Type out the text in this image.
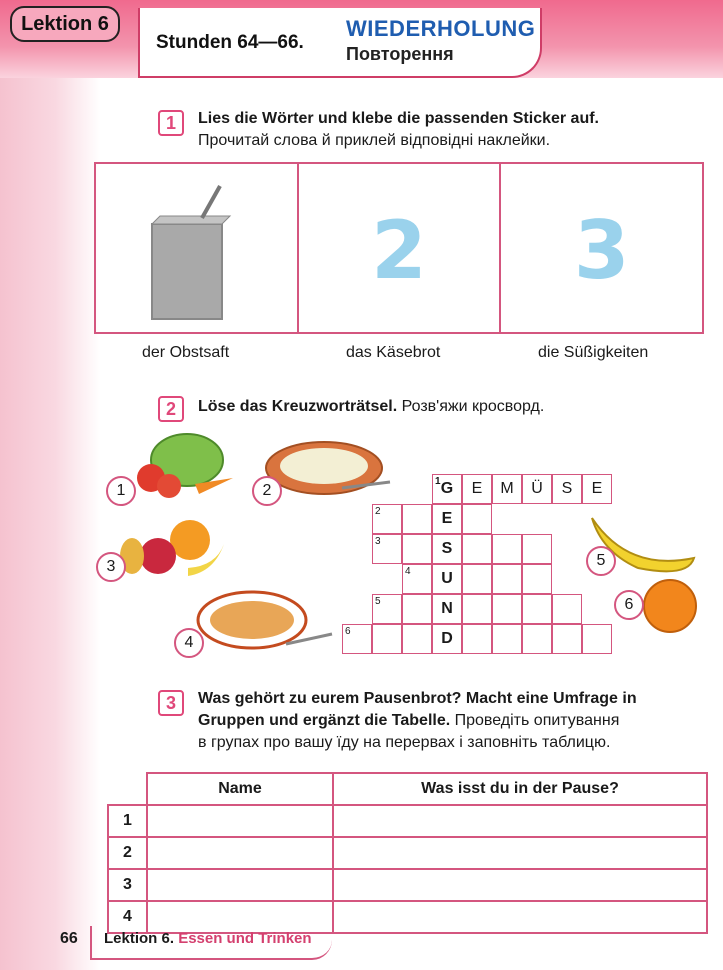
Lektion 6
Stunden 64—66.
WIEDERHOLUNG
Повторення
1	Lies die Wörter und klebe die passenden Sticker auf.
Прочитай слова й приклей відповідні наклейки.
2	3
der Obstsaft	das Käsebrot	die Süßigkeiten
2	Löse das Kreuzworträtsel. Розв'яжи кросворд.
1	2
3
4
5
6
1 G	E	M	Ü	S	E
2	E
3	S
4	U
5	N
6	D
3	Was gehört zu eurem Pausenbrot? Macht eine Umfrage in
Gruppen und ergänzt die Tabelle. Проведіть опитування
в групах про вашу їду на перервах і заповніть таблицю.
	Name	Was isst du in der Pause?
1		
2		
3		
4		
66 Lektion 6. Essen und Trinken
